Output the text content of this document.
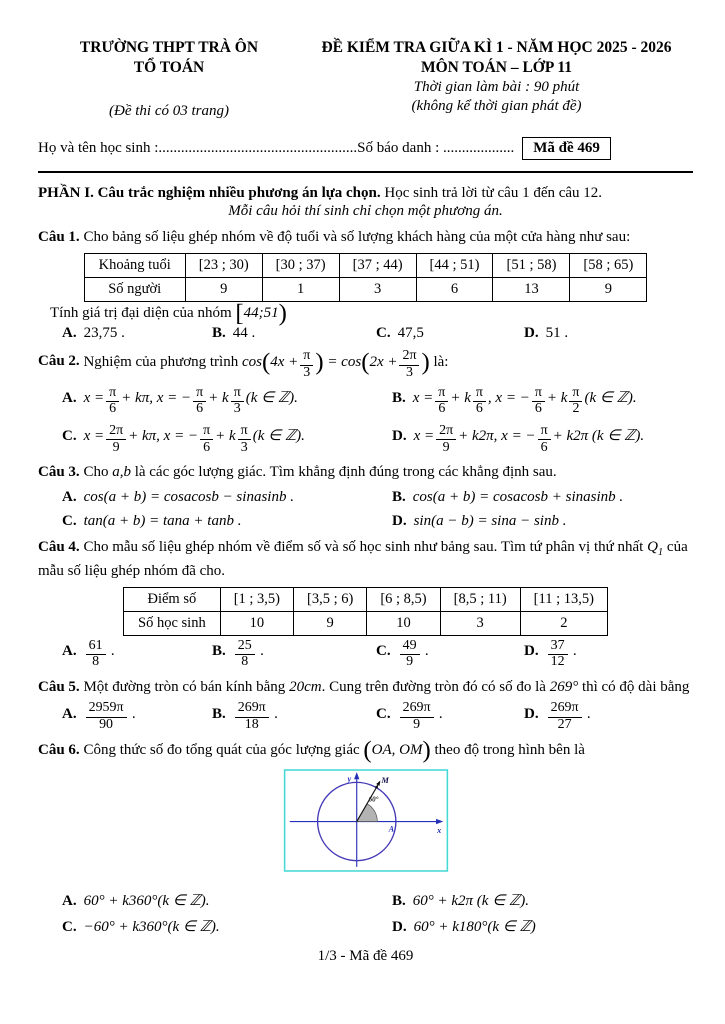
TRƯỜNG THPT TRÀ ÔN
TỔ TOÁN
(Đề thi có 03 trang)
ĐỀ KIỂM TRA GIỮA KÌ 1 - NĂM HỌC 2025 - 2026
MÔN TOÁN – LỚP 11
Thời gian làm bài : 90 phút
(không kể thời gian phát đề)
Họ và tên học sinh :..................................................... Số báo danh : ...................	Mã đề 469
PHẦN I. Câu trắc nghiệm nhiều phương án lựa chọn. Học sinh trả lời từ câu 1 đến câu 12.
Mỗi câu hỏi thí sinh chỉ chọn một phương án.
Câu 1. Cho bảng số liệu ghép nhóm về độ tuổi và số lượng khách hàng của một cửa hàng như sau:
Khoảng tuổi	[23 ; 30)	[30 ; 37)	[37 ; 44)	[44 ; 51)	[51 ; 58)	[58 ; 65)
Số người	9	1	3	6	13	9
Tính giá trị đại diện của nhóm [44;51)
A. 23,75 .	B. 44 .	C. 47,5	D. 51 .
Câu 2. Nghiệm của phương trình $\cos(4x + \frac{\pi}{3}$ ) = $\cos(2x + \frac{2\pi}{3}$ ) là:
A. $x = \frac{\pi}{6} + k\pi$, x = − $\frac{\pi}{6} + k \frac{\pi}{3} (k$ ∈ ℤ).	B. $x = \frac{\pi}{6} + k \frac{\pi}{6}$ , x = − $\frac{\pi}{6} + k \frac{\pi}{2} (k$ ∈ ℤ).
C. $x = \frac{2\pi}{9} + k\pi$, x = − $\frac{\pi}{6} + k \frac{\pi}{3} (k$ ∈ ℤ).	D. $x = \frac{2\pi}{9} + k2\pi$, x = − $\frac{\pi}{6} + k2\pi$ (k ∈ ℤ).
Câu 3. Cho a,b là các góc lượng giác. Tìm khẳng định đúng trong các khẳng định sau.
A. cos(a + b) = cosacosb − sinasinb .	B. cos(a + b) = cosacosb + sinasinb .
C. tan(a + b) = tana + tanb .	D. sin(a − b) = sina − sinb .
Câu 4. Cho mẫu số liệu ghép nhóm về điểm số và số học sinh như bảng sau. Tìm tứ phân vị thứ nhất $Q_1$ của mẫu số liệu ghép nhóm đã cho.
Điểm số	[1 ; 3,5)	[3,5 ; 6)	[6 ; 8,5)	[8,5 ; 11)	[11 ; 13,5)
Số học sinh	10	9	10	3	2
A. $\frac{61}{8}$ .	B. $\frac{25}{8}$ .	C. $\frac{49}{9}$ .	D. $\frac{37}{12}$ .
Câu 5. Một đường tròn có bán kính bằng 20cm. Cung trên đường tròn đó có số đo là 269° thì có độ dài bằng
A. $\frac{2959\pi}{90}$ .	B. $\frac{269\pi}{18}$ .	C. $\frac{269\pi}{9}$ .	D. $\frac{269\pi}{27}$ .
Câu 6. Công thức số đo tổng quát của góc lượng giác (OA, OM) theo độ trong hình bên là
y
x
A
M
60°
A. 60° + k360°(k ∈ ℤ).	B. 60° + k2π (k ∈ ℤ).
C. −60° + k360°(k ∈ ℤ).	D. 60° + k180°(k ∈ ℤ)
1/3 - Mã đề 469
